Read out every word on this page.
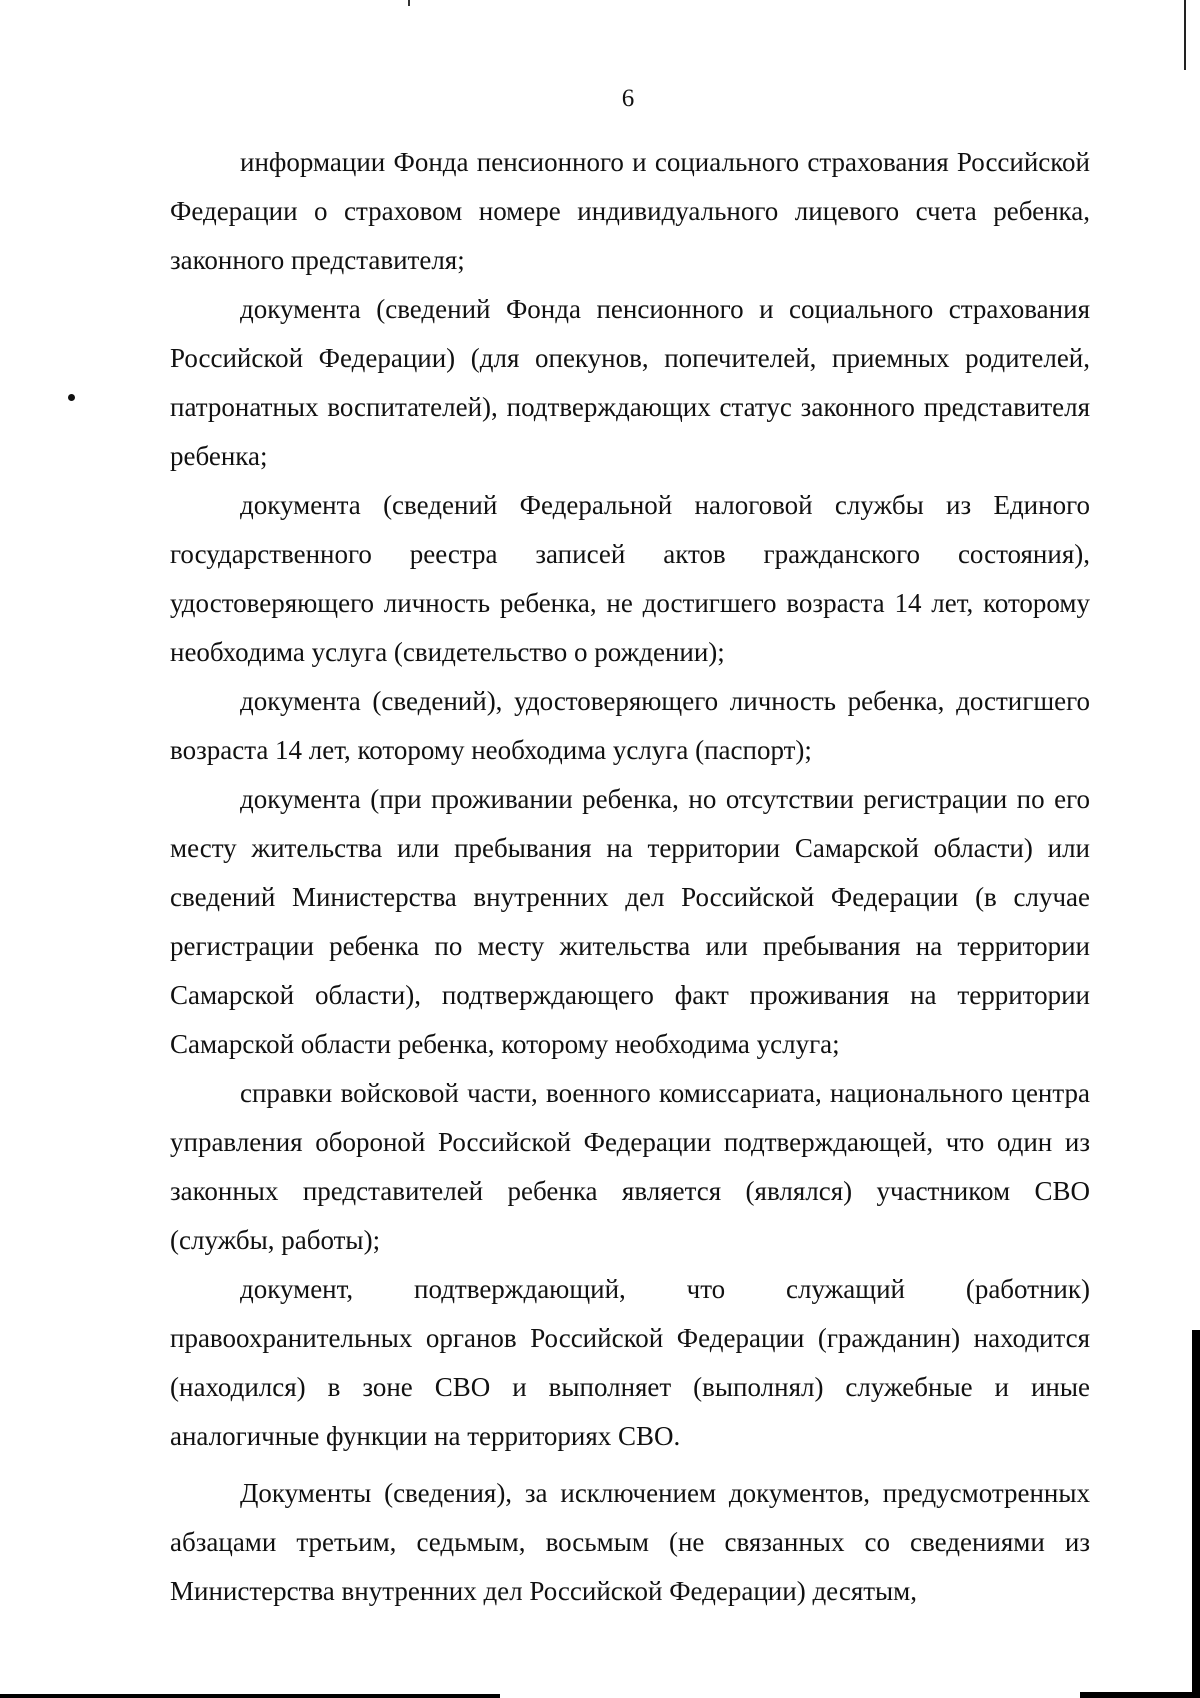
6

информации Фонда пенсионного и социального страхования Российской Федерации о страховом номере индивидуального лицевого счета ребенка, законного представителя;

документа (сведений Фонда пенсионного и социального страхования Российской Федерации) (для опекунов, попечителей, приемных родителей, патронатных воспитателей), подтверждающих статус законного представителя ребенка;

документа (сведений Федеральной налоговой службы из Единого государственного реестра записей актов гражданского состояния), удостоверяющего личность ребенка, не достигшего возраста 14 лет, которому необходима услуга (свидетельство о рождении);

документа (сведений), удостоверяющего личность ребенка, достигшего возраста 14 лет, которому необходима услуга (паспорт);

документа (при проживании ребенка, но отсутствии регистрации по его месту жительства или пребывания на территории Самарской области) или сведений Министерства внутренних дел Российской Федерации (в случае регистрации ребенка по месту жительства или пребывания на территории Самарской области), подтверждающего факт проживания на территории Самарской области ребенка, которому необходима услуга;

справки войсковой части, военного комиссариата, национального центра управления обороной Российской Федерации подтверждающей, что один из законных представителей ребенка является (являлся) участником СВО (службы, работы);

документ, подтверждающий, что служащий (работник) правоохранительных органов Российской Федерации (гражданин) находится (находился) в зоне СВО и выполняет (выполнял) служебные и иные аналогичные функции на территориях СВО.

Документы (сведения), за исключением документов, предусмотренных абзацами третьим, седьмым, восьмым (не связанных со сведениями из Министерства внутренних дел Российской Федерации) десятым,
